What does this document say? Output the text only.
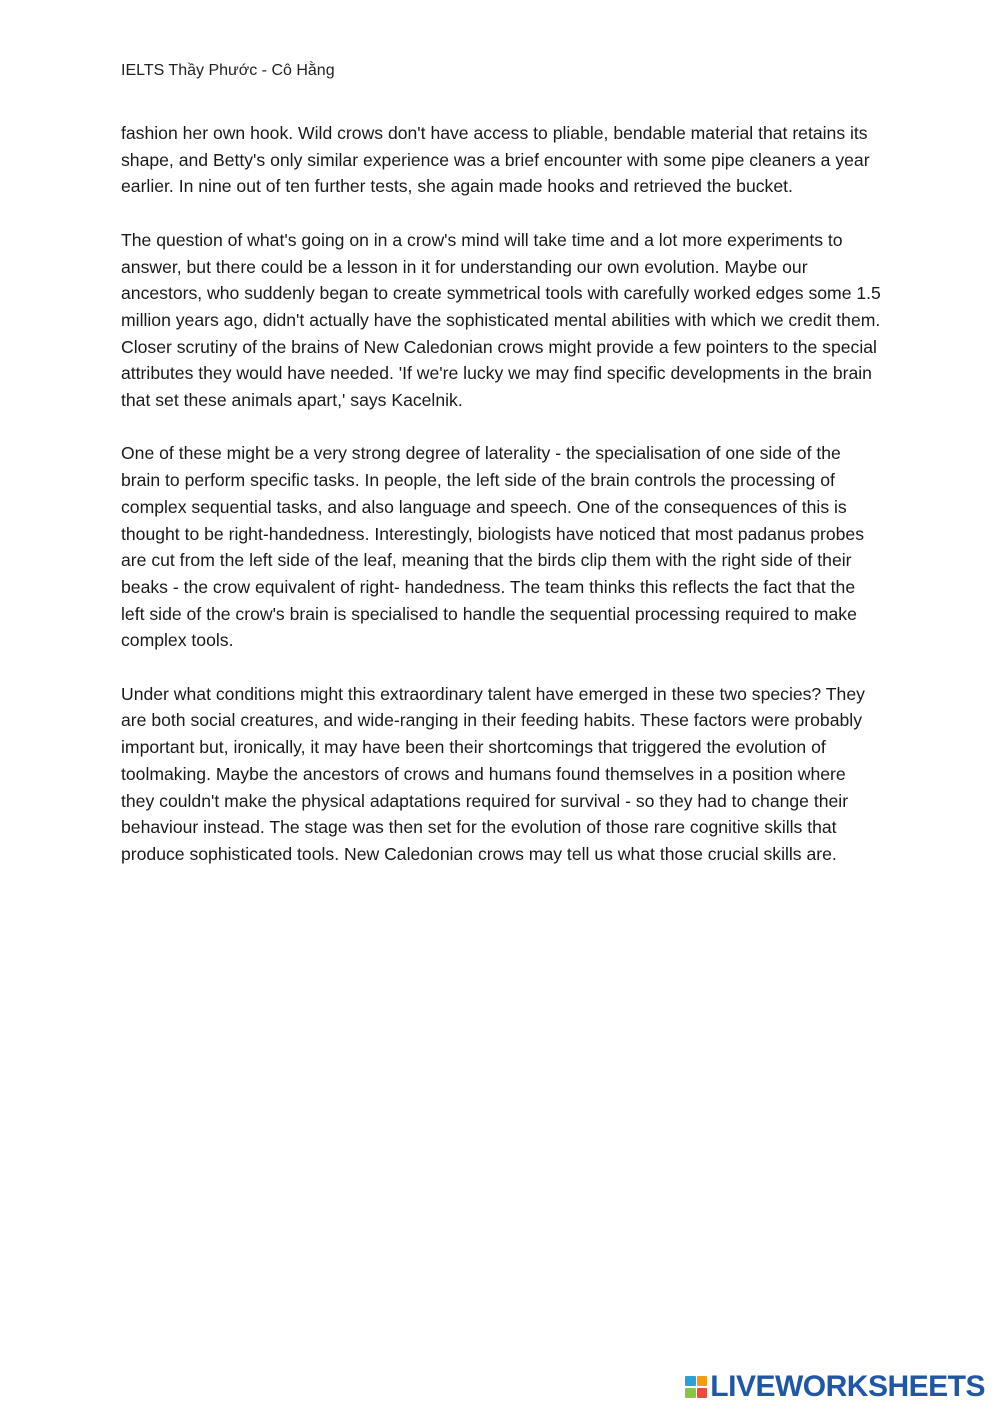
IELTS Thầy Phước - Cô Hằng

fashion her own hook. Wild crows don't have access to pliable, bendable material that retains its shape, and Betty's only similar experience was a brief encounter with some pipe cleaners a year earlier. In nine out of ten further tests, she again made hooks and retrieved the bucket.

The question of what's going on in a crow's mind will take time and a lot more experiments to answer, but there could be a lesson in it for understanding our own evolution. Maybe our ancestors, who suddenly began to create symmetrical tools with carefully worked edges some 1.5 million years ago, didn't actually have the sophisticated mental abilities with which we credit them. Closer scrutiny of the brains of New Caledonian crows might provide a few pointers to the special attributes they would have needed. 'If we're lucky we may find specific developments in the brain that set these animals apart,' says Kacelnik.

One of these might be a very strong degree of laterality - the specialisation of one side of the brain to perform specific tasks. In people, the left side of the brain controls the processing of complex sequential tasks, and also language and speech. One of the consequences of this is thought to be right-handedness. Interestingly, biologists have noticed that most padanus probes are cut from the left side of the leaf, meaning that the birds clip them with the right side of their beaks - the crow equivalent of right- handedness. The team thinks this reflects the fact that the left side of the crow's brain is specialised to handle the sequential processing required to make complex tools.

Under what conditions might this extraordinary talent have emerged in these two species? They are both social creatures, and wide-ranging in their feeding habits. These factors were probably important but, ironically, it may have been their shortcomings that triggered the evolution of toolmaking. Maybe the ancestors of crows and humans found themselves in a position where they couldn't make the physical adaptations required for survival - so they had to change their behaviour instead. The stage was then set for the evolution of those rare cognitive skills that produce sophisticated tools. New Caledonian crows may tell us what those crucial skills are.

LIVEWORKSHEETS
